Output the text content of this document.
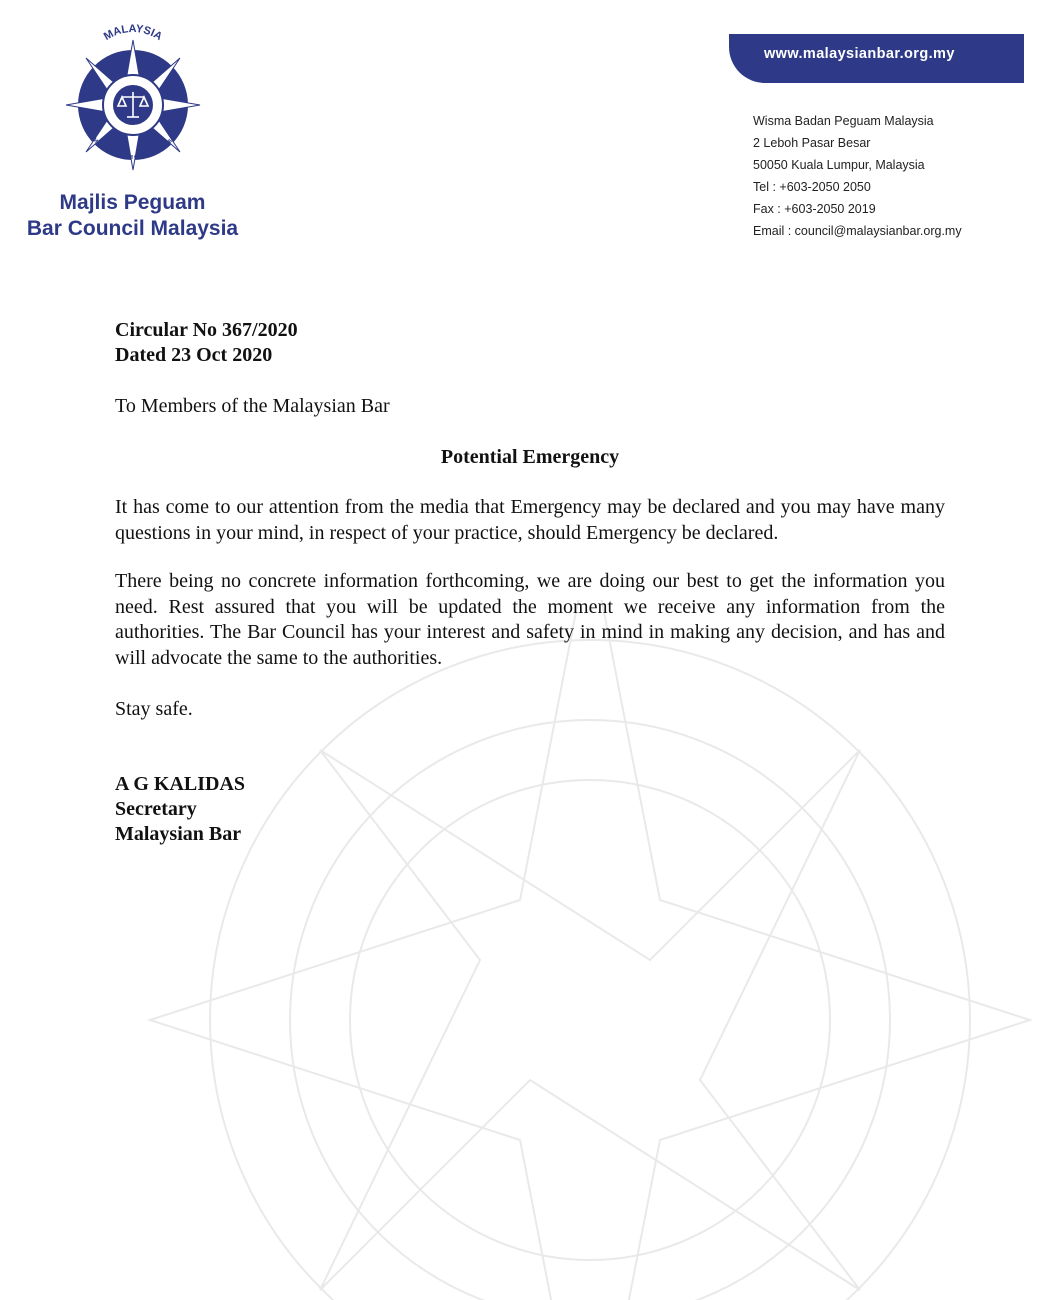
MALAYSIA
MAJLIS PEGUAM ✪ BAR COUNCIL
Majlis Peguam
Bar Council Malaysia
www.malaysianbar.org.my
Wisma Badan Peguam Malaysia
2 Leboh Pasar Besar
50050 Kuala Lumpur, Malaysia
Tel : +603-2050 2050
Fax : +603-2050 2019
Email : council@malaysianbar.org.my
Circular No 367/2020
Dated 23 Oct 2020
To Members of the Malaysian Bar
Potential Emergency
It has come to our attention from the media that Emergency may be declared and you may have many questions in your mind, in respect of your practice, should Emergency be declared.
There being no concrete information forthcoming, we are doing our best to get the information you need. Rest assured that you will be updated the moment we receive any information from the authorities. The Bar Council has your interest and safety in mind in making any decision, and has and will advocate the same to the authorities.
Stay safe.
A G KALIDAS
Secretary
Malaysian Bar
